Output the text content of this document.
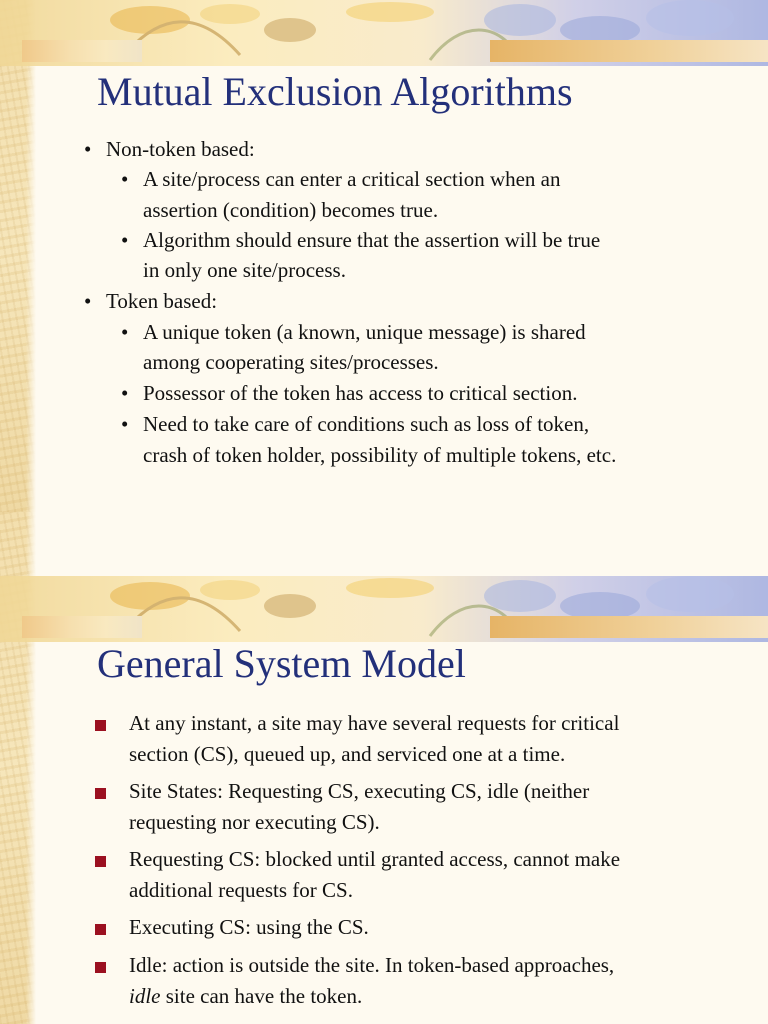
Mutual Exclusion Algorithms
• Non-token based:
• A site/process can enter a critical section when an
assertion (condition) becomes true.
• Algorithm should ensure that the assertion will be true
in only one site/process.
• Token based:
• A unique token (a known, unique message) is shared
among cooperating sites/processes.
• Possessor of the token has access to critical section.
• Need to take care of conditions such as loss of token,
crash of token holder, possibility of multiple tokens, etc.
General System Model
At any instant, a site may have several requests for critical
section (CS), queued up, and serviced one at a time.
Site States: Requesting CS, executing CS, idle (neither
requesting nor executing CS).
Requesting CS: blocked until granted access, cannot make
additional requests for CS.
Executing CS: using the CS.
Idle: action is outside the site. In token-based approaches,
idle site can have the token.
